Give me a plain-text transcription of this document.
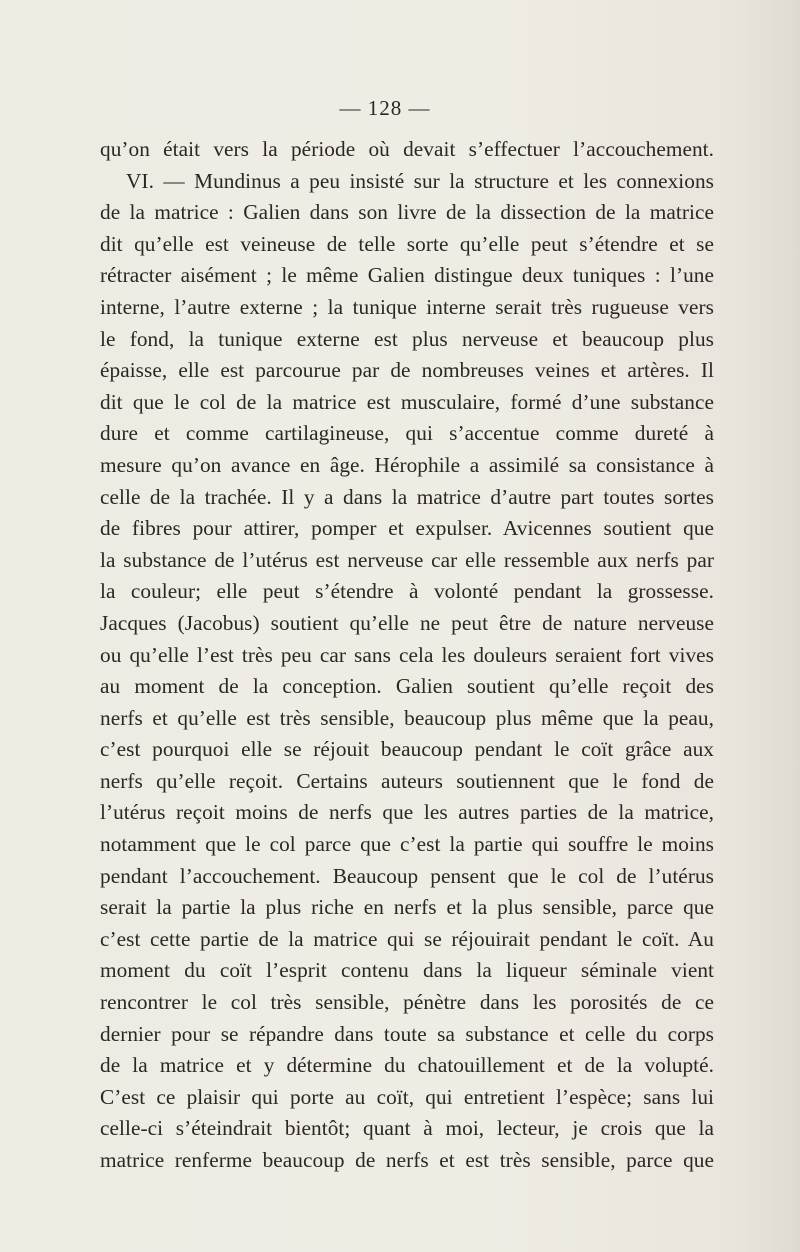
— 128 —
qu’on était vers la période où devait s’effectuer l’accouchement.
VI. — Mundinus a peu insisté sur la structure et les connexions
de la matrice : Galien dans son livre de la dissection de la matrice
dit qu’elle est veineuse de telle sorte qu’elle peut s’étendre et se
rétracter aisément ; le même Galien distingue deux tuniques : l’une
interne, l’autre externe ; la tunique interne serait très rugueuse vers
le fond, la tunique externe est plus nerveuse et beaucoup plus
épaisse, elle est parcourue par de nombreuses veines et artères. Il
dit que le col de la matrice est musculaire, formé d’une substance
dure et comme cartilagineuse, qui s’accentue comme dureté à
mesure qu’on avance en âge. Hérophile a assimilé sa consistance à
celle de la trachée. Il y a dans la matrice d’autre part toutes sortes
de fibres pour attirer, pomper et expulser. Avicennes soutient que
la substance de l’utérus est nerveuse car elle ressemble aux nerfs par
la couleur; elle peut s’étendre à volonté pendant la grossesse.
Jacques (Jacobus) soutient qu’elle ne peut être de nature nerveuse
ou qu’elle l’est très peu car sans cela les douleurs seraient fort vives
au moment de la conception. Galien soutient qu’elle reçoit des
nerfs et qu’elle est très sensible, beaucoup plus même que la peau,
c’est pourquoi elle se réjouit beaucoup pendant le coït grâce aux
nerfs qu’elle reçoit. Certains auteurs soutiennent que le fond de
l’utérus reçoit moins de nerfs que les autres parties de la matrice,
notamment que le col parce que c’est la partie qui souffre le moins
pendant l’accouchement. Beaucoup pensent que le col de l’utérus
serait la partie la plus riche en nerfs et la plus sensible, parce que
c’est cette partie de la matrice qui se réjouirait pendant le coït. Au
moment du coït l’esprit contenu dans la liqueur séminale vient
rencontrer le col très sensible, pénètre dans les porosités de ce
dernier pour se répandre dans toute sa substance et celle du corps
de la matrice et y détermine du chatouillement et de la volupté.
C’est ce plaisir qui porte au coït, qui entretient l’espèce; sans lui
celle-ci s’éteindrait bientôt; quant à moi, lecteur, je crois que la
matrice renferme beaucoup de nerfs et est très sensible, parce que
